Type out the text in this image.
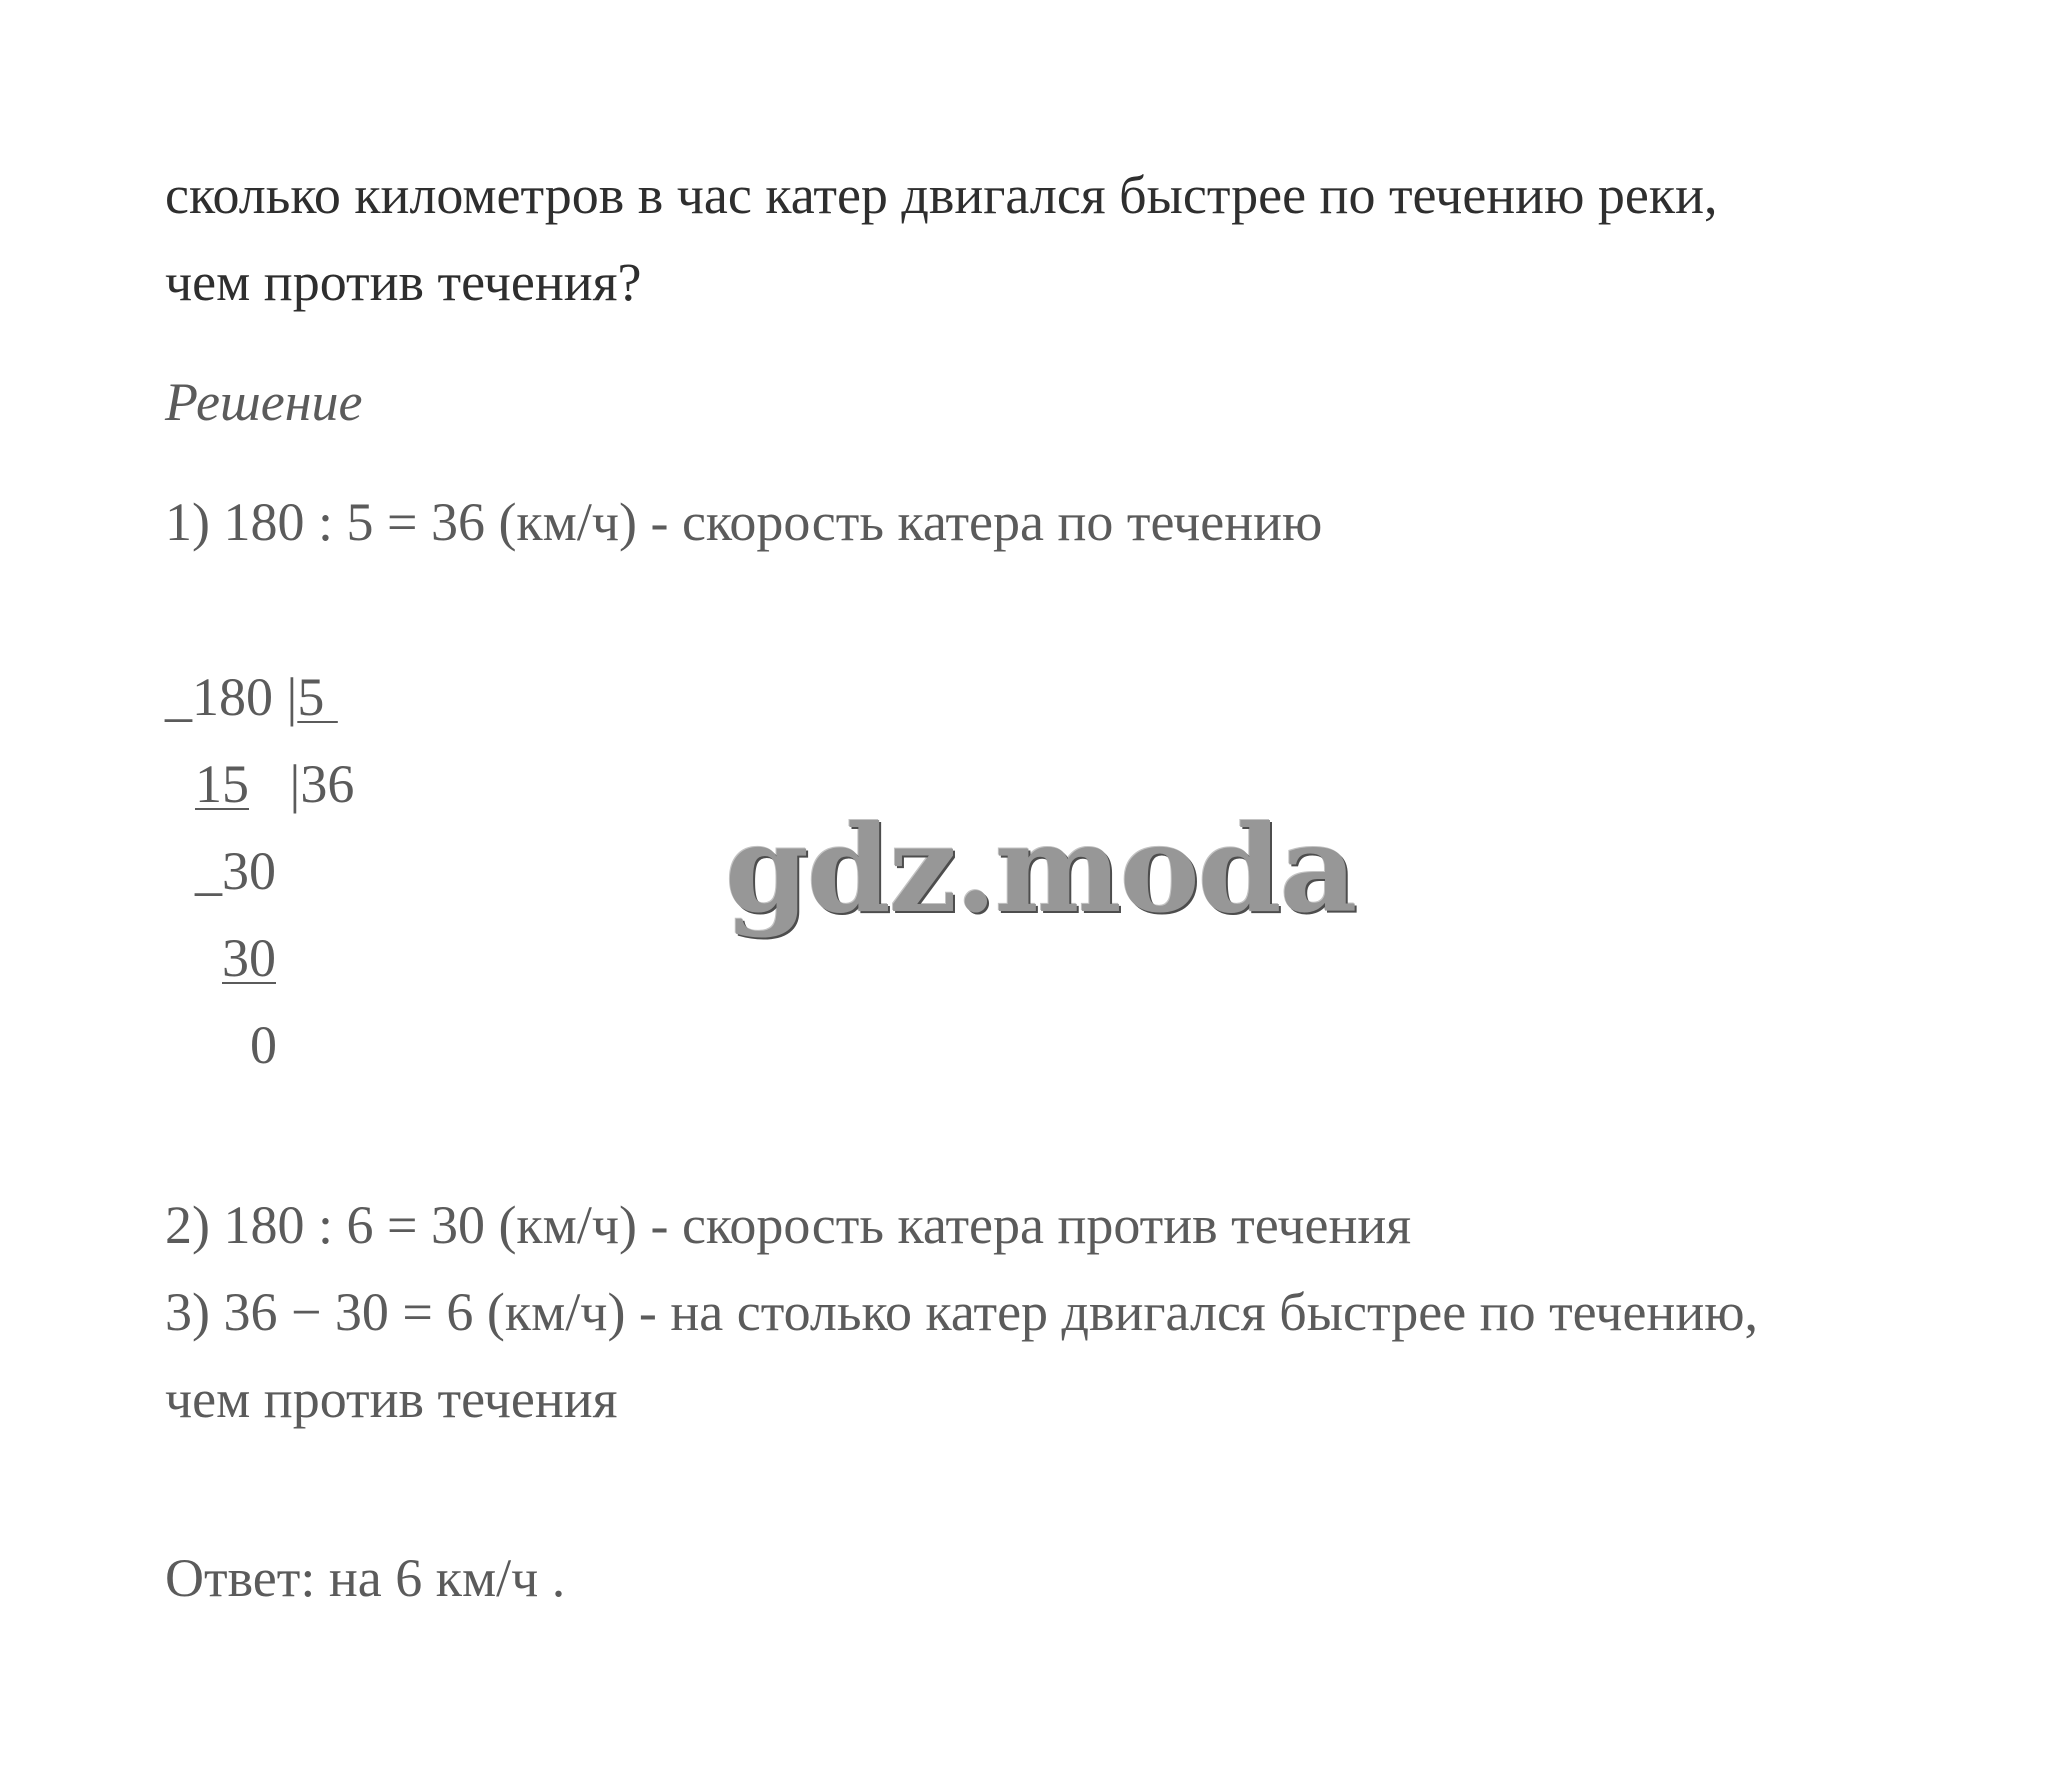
сколько километров в час катер двигался быстрее по течению реки,
чем против течения?
Решение
1) 180 : 5 = 36 (км/ч) - скорость катера по течению
_180 |5
15 |36
_30
30
0
2) 180 : 6 = 30 (км/ч) - скорость катера против течения
3) 36 − 30 = 6 (км/ч) - на столько катер двигался быстрее по течению,
чем против течения
Ответ: на 6 км/ч .
gdz.moda
